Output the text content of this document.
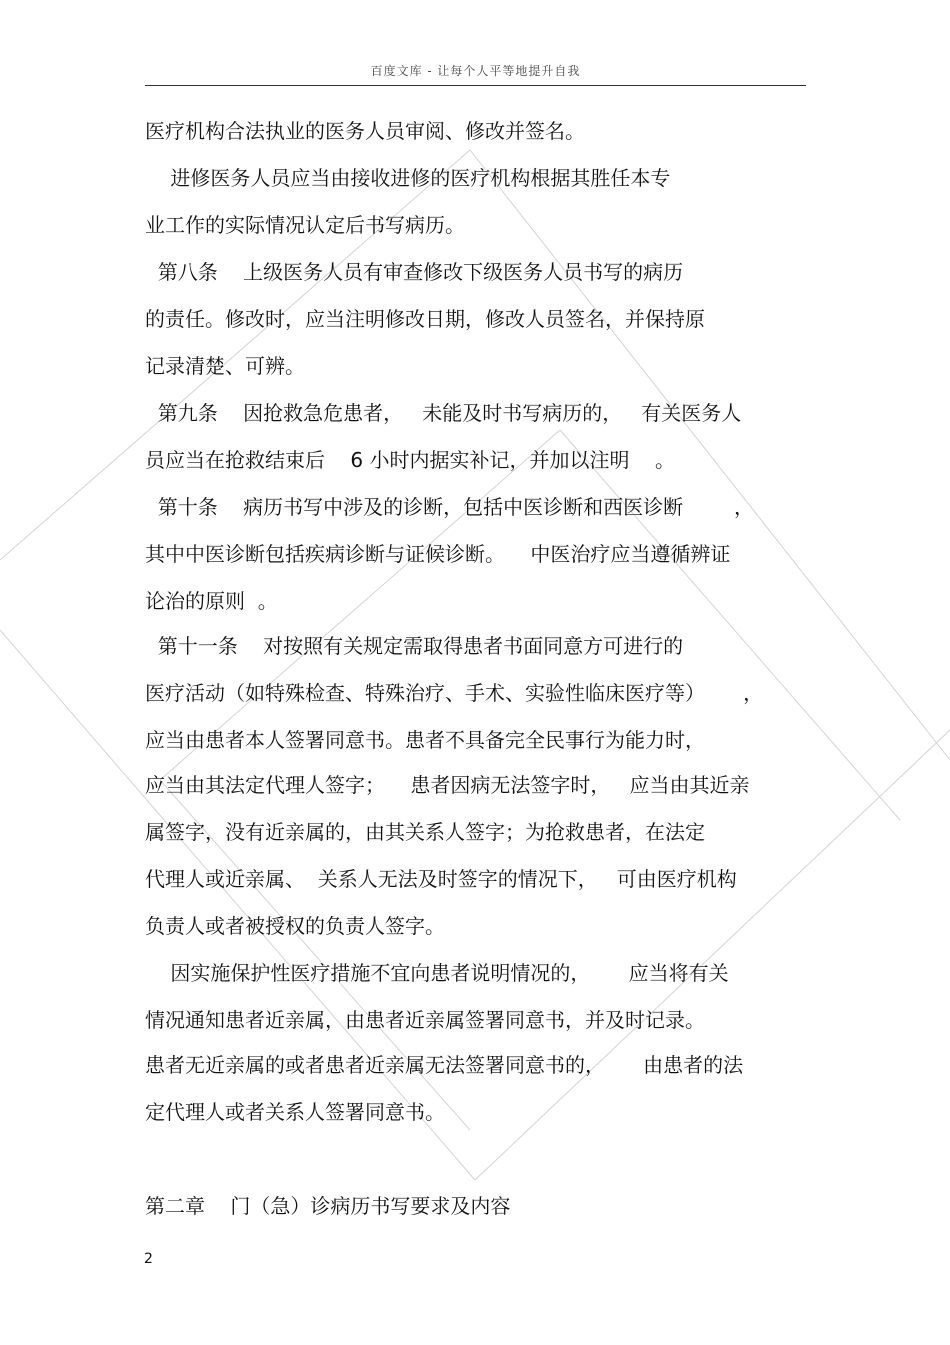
百度文库 - 让每个人平等地提升自我
医疗机构合法执业的医务人员审阅、修改并签名。
进修医务人员应当由接收进修的医疗机构根据其胜任本专
业工作的实际情况认定后书写病历。
第八条    上级医务人员有审查修改下级医务人员书写的病历
的责任。修改时，应当注明修改日期，修改人员签名，并保持原
记录清楚、可辨。
第九条    因抢救急危患者，   未能及时书写病历的，   有关医务人
员应当在抢救结束后    6 小时内据实补记，并加以注明    。
第十条    病历书写中涉及的诊断，包括中医诊断和西医诊断        ，
其中中医诊断包括疾病诊断与证候诊断。    中医治疗应当遵循辨证
论治的原则  。
第十一条    对按照有关规定需取得患者书面同意方可进行的
医疗活动（如特殊检查、特殊治疗、手术、实验性临床医疗等）      ，
应当由患者本人签署同意书。患者不具备完全民事行为能力时，
应当由其法定代理人签字；    患者因病无法签字时，   应当由其近亲
属签字，没有近亲属的，由其关系人签字；为抢救患者，在法定
代理人或近亲属、  关系人无法及时签字的情况下，   可由医疗机构
负责人或者被授权的负责人签字。
因实施保护性医疗措施不宜向患者说明情况的，      应当将有关
情况通知患者近亲属，由患者近亲属签署同意书，并及时记录。
患者无近亲属的或者患者近亲属无法签署同意书的，      由患者的法
定代理人或者关系人签署同意书。
第二章    门（急）诊病历书写要求及内容
2
